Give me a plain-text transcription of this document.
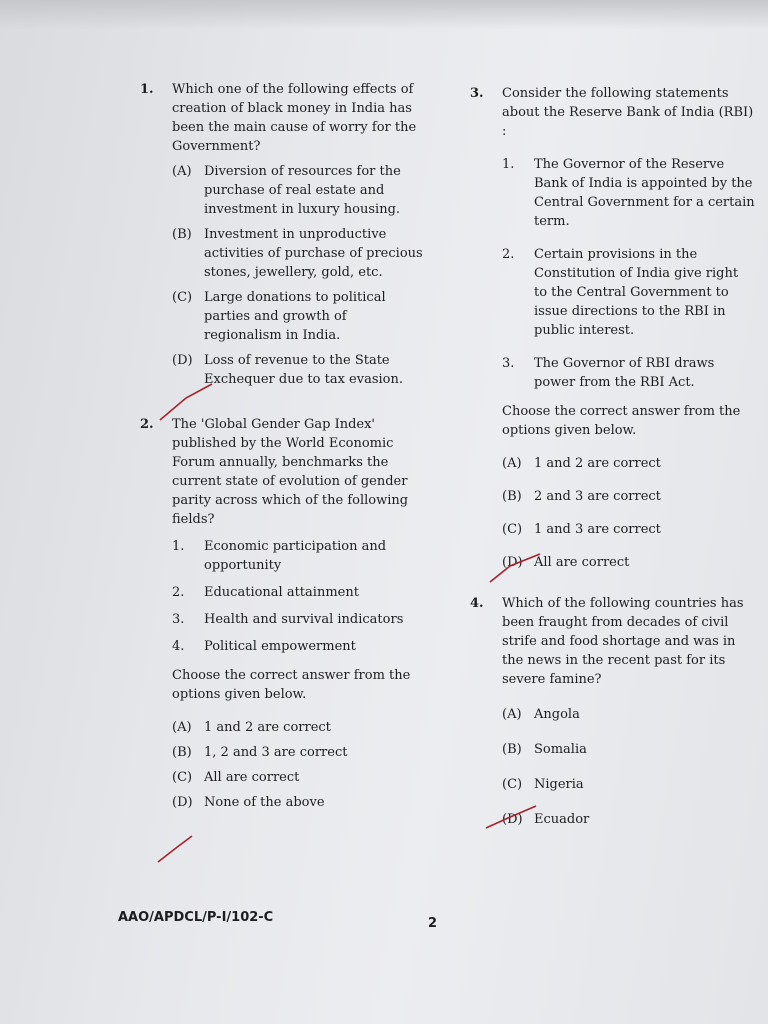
1. Which one of the following effects of creation of black money in India has been the main cause of worry for the Government?
(A) Diversion of resources for the purchase of real estate and investment in luxury housing.
(B) Investment in unproductive activities of purchase of precious stones, jewellery, gold, etc.
(C) Large donations to political parties and growth of regionalism in India.
(D) Loss of revenue to the State Exchequer due to tax evasion.
2. The 'Global Gender Gap Index' published by the World Economic Forum annually, benchmarks the current state of evolution of gender parity across which of the following fields?
1. Economic participation and opportunity
2. Educational attainment
3. Health and survival indicators
4. Political empowerment
Choose the correct answer from the options given below.
(A) 1 and 2 are correct
(B) 1, 2 and 3 are correct
(C) All are correct
(D) None of the above
3. Consider the following statements about the Reserve Bank of India (RBI) :
1. The Governor of the Reserve Bank of India is appointed by the Central Government for a certain term.
2. Certain provisions in the Constitution of India give right to the Central Government to issue directions to the RBI in public interest.
3. The Governor of RBI draws power from the RBI Act.
Choose the correct answer from the options given below.
(A) 1 and 2 are correct
(B) 2 and 3 are correct
(C) 1 and 3 are correct
(D) All are correct
4. Which of the following countries has been fraught from decades of civil strife and food shortage and was in the news in the recent past for its severe famine?
(A) Angola
(B) Somalia
(C) Nigeria
(D) Ecuador
AAO/APDCL/P-I/102-C	2
